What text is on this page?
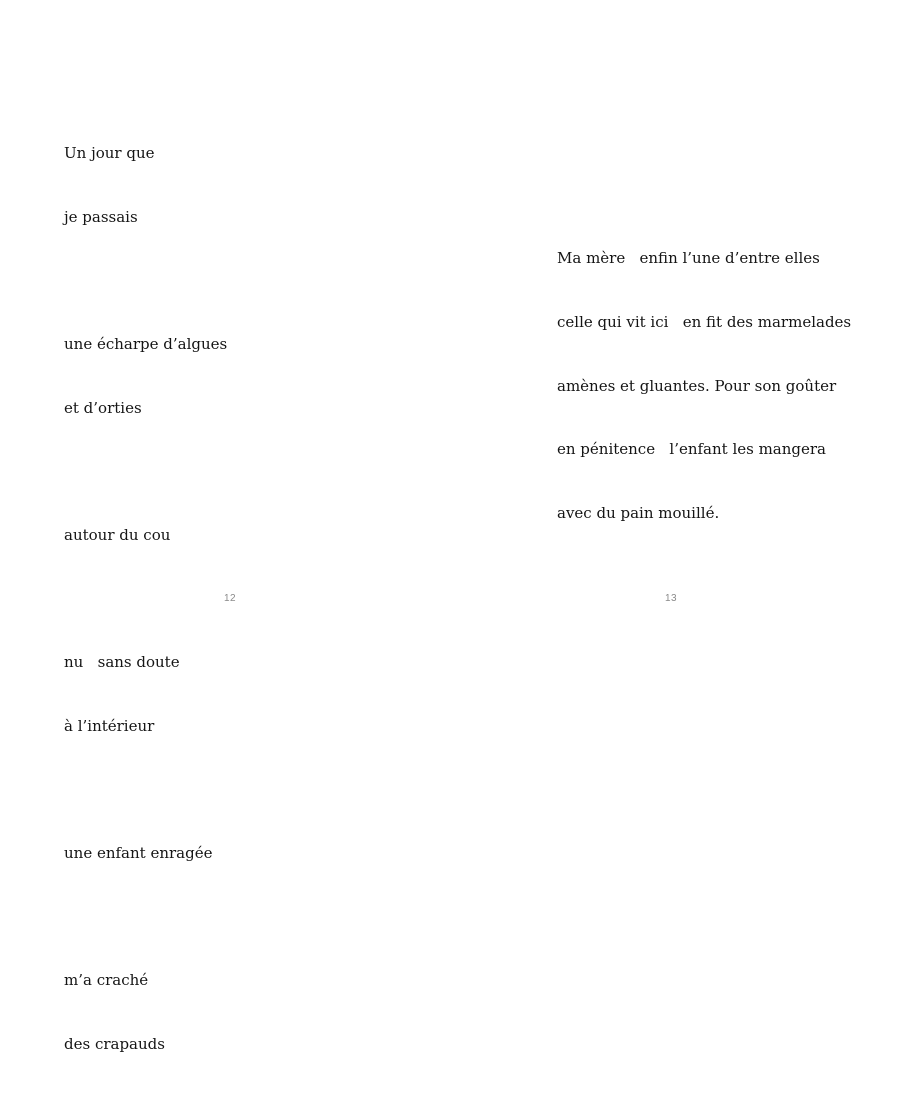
Un jour que

je passais

une écharpe d’algues

et d’orties

autour du cou

nu   sans doute

à l’intérieur

une enfant enragée

m’a craché

des crapauds

12

Ma mère   enfin l’une d’entre elles

celle qui vit ici   en fit des marmelades

amènes et gluantes. Pour son goûter

en pénitence   l’enfant les mangera

avec du pain mouillé.

13
